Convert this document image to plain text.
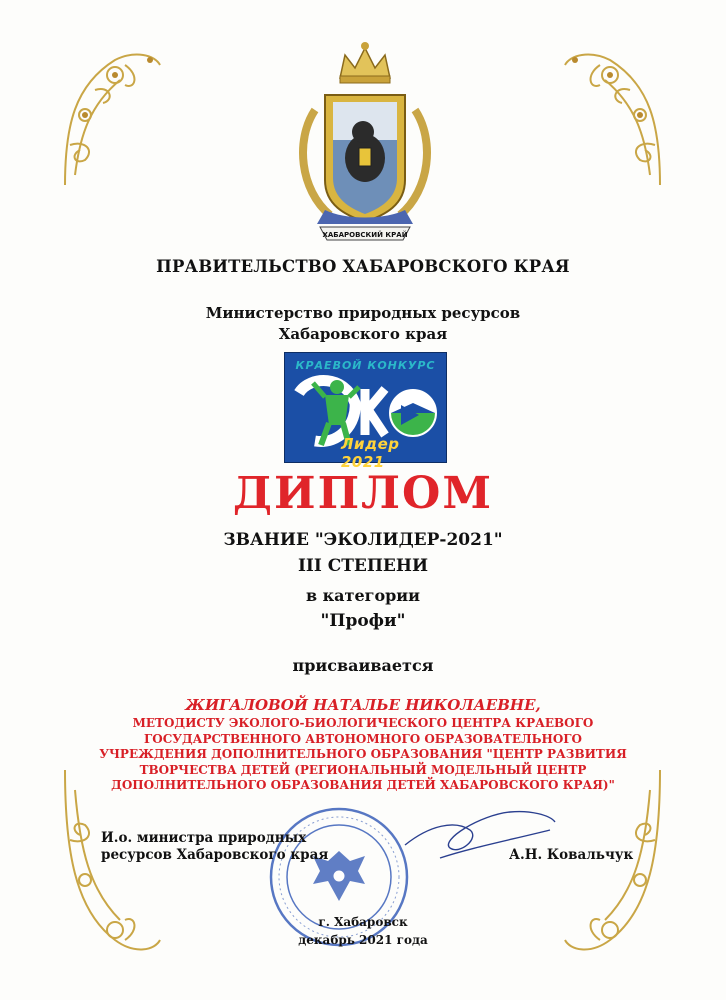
ХАБАРОВСКИЙ КРАЙ
ПРАВИТЕЛЬСТВО ХАБАРОВСКОГО КРАЯ
Министерство природных ресурсов
Хабаровского края
КРАЕВОЙ КОНКУРС
Лидер 2021
ДИПЛОМ
ЗВАНИЕ "ЭКОЛИДЕР-2021"
III СТЕПЕНИ
в категории
"Профи"
присваивается
ЖИГАЛОВОЙ НАТАЛЬЕ НИКОЛАЕВНЕ,
МЕТОДИСТУ ЭКОЛОГО-БИОЛОГИЧЕСКОГО ЦЕНТРА КРАЕВОГО
ГОСУДАРСТВЕННОГО АВТОНОМНОГО ОБРАЗОВАТЕЛЬНОГО
УЧРЕЖДЕНИЯ ДОПОЛНИТЕЛЬНОГО ОБРАЗОВАНИЯ "ЦЕНТР РАЗВИТИЯ
ТВОРЧЕСТВА ДЕТЕЙ (РЕГИОНАЛЬНЫЙ МОДЕЛЬНЫЙ ЦЕНТР
ДОПОЛНИТЕЛЬНОГО ОБРАЗОВАНИЯ ДЕТЕЙ ХАБАРОВСКОГО КРАЯ)"
И.о. министра природных
ресурсов Хабаровского края	А.Н. Ковальчук
г. Хабаровск
декабрь 2021 года
